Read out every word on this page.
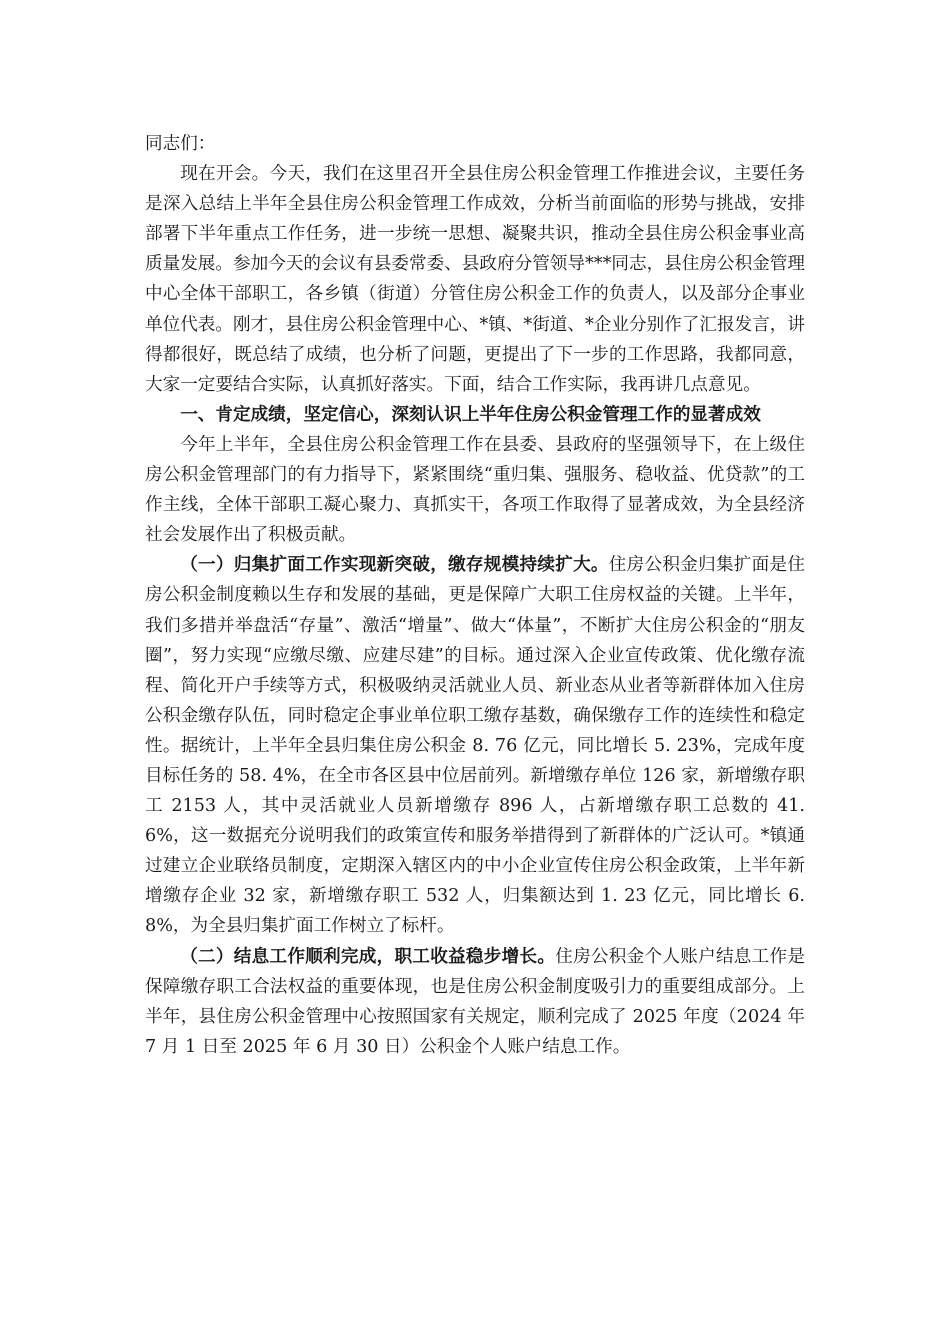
同志们：

现在开会。今天，我们在这里召开全县住房公积金管理工作推进会议，主要任务是深入总结上半年全县住房公积金管理工作成效，分析当前面临的形势与挑战，安排部署下半年重点工作任务，进一步统一思想、凝聚共识，推动全县住房公积金事业高质量发展。参加今天的会议有县委常委、县政府分管领导***同志，县住房公积金管理中心全体干部职工，各乡镇（街道）分管住房公积金工作的负责人，以及部分企事业单位代表。刚才，县住房公积金管理中心、*镇、*街道、*企业分别作了汇报发言，讲得都很好，既总结了成绩，也分析了问题，更提出了下一步的工作思路，我都同意，大家一定要结合实际，认真抓好落实。下面，结合工作实际，我再讲几点意见。

一、肯定成绩，坚定信心，深刻认识上半年住房公积金管理工作的显著成效

今年上半年，全县住房公积金管理工作在县委、县政府的坚强领导下，在上级住房公积金管理部门的有力指导下，紧紧围绕“重归集、强服务、稳收益、优贷款”的工作主线，全体干部职工凝心聚力、真抓实干，各项工作取得了显著成效，为全县经济社会发展作出了积极贡献。

（一）归集扩面工作实现新突破，缴存规模持续扩大。住房公积金归集扩面是住房公积金制度赖以生存和发展的基础，更是保障广大职工住房权益的关键。上半年，我们多措并举盘活“存量”、激活“增量”、做大“体量”，不断扩大住房公积金的“朋友圈”，努力实现“应缴尽缴、应建尽建”的目标。通过深入企业宣传政策、优化缴存流程、简化开户手续等方式，积极吸纳灵活就业人员、新业态从业者等新群体加入住房公积金缴存队伍，同时稳定企事业单位职工缴存基数，确保缴存工作的连续性和稳定性。据统计，上半年全县归集住房公积金 8. 76 亿元，同比增长 5. 23%，完成年度目标任务的 58. 4%，在全市各区县中位居前列。新增缴存单位 126 家，新增缴存职工 2153 人，其中灵活就业人员新增缴存 896 人，占新增缴存职工总数的 41. 6%，这一数据充分说明我们的政策宣传和服务举措得到了新群体的广泛认可。*镇通过建立企业联络员制度，定期深入辖区内的中小企业宣传住房公积金政策，上半年新增缴存企业 32 家，新增缴存职工 532 人，归集额达到 1. 23 亿元，同比增长 6. 8%，为全县归集扩面工作树立了标杆。

（二）结息工作顺利完成，职工收益稳步增长。住房公积金个人账户结息工作是保障缴存职工合法权益的重要体现，也是住房公积金制度吸引力的重要组成部分。上半年，县住房公积金管理中心按照国家有关规定，顺利完成了 2025 年度（2024 年 7 月 1 日至 2025 年 6 月 30 日）公积金个人账户结息工作。
